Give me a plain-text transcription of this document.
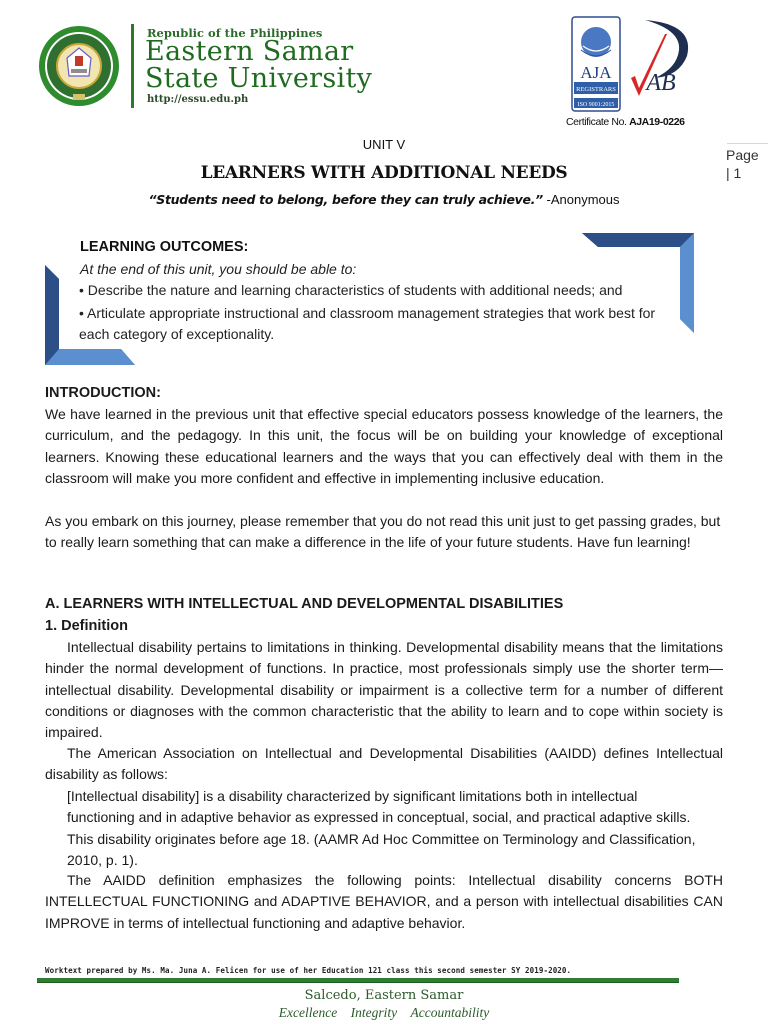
Republic of the Philippines
Eastern Samar
State University
http://essu.edu.ph
AJA
REGISTRARS
ISO 9001:2015
AB
Certificate No. AJA19-0226
Page
| 1
UNIT V
LEARNERS WITH ADDITIONAL NEEDS
“Students need to belong, before they can truly achieve.” -Anonymous
LEARNING OUTCOMES:
At the end of this unit, you should be able to:
• Describe the nature and learning characteristics of students with additional needs; and
• Articulate appropriate instructional and classroom management strategies that work best for each category of exceptionality.
INTRODUCTION:
We have learned in the previous unit that effective special educators possess knowledge of the learners, the curriculum, and the pedagogy. In this unit, the focus will be on building your knowledge of exceptional learners. Knowing these educational learners and the ways that you can effectively deal with them in the classroom will make you more confident and effective in implementing inclusive education.
As you embark on this journey, please remember that you do not read this unit just to get passing grades, but to really learn something that can make a difference in the life of your future students. Have fun learning!
A. LEARNERS WITH INTELLECTUAL AND DEVELOPMENTAL DISABILITIES
1. Definition
Intellectual disability pertains to limitations in thinking. Developmental disability means that the limitations hinder the normal development of functions. In practice, most professionals simply use the shorter term—intellectual disability. Developmental disability or impairment is a collective term for a number of different conditions or diagnoses with the common characteristic that the ability to learn and to cope within society is impaired.
The American Association on Intellectual and Developmental Disabilities (AAIDD) defines Intellectual disability as follows:
[Intellectual disability] is a disability characterized by significant limitations both in intellectual functioning and in adaptive behavior as expressed in conceptual, social, and practical adaptive skills. This disability originates before age 18. (AAMR Ad Hoc Committee on Terminology and Classification, 2010, p. 1).
The AAIDD definition emphasizes the following points: Intellectual disability concerns BOTH INTELLECTUAL FUNCTIONING and ADAPTIVE BEHAVIOR, and a person with intellectual disabilities CAN IMPROVE in terms of intellectual functioning and adaptive behavior.
Worktext prepared by Ms. Ma. Juna A. Felicen for use of her Education 121 class this second semester SY 2019-2020.
Salcedo, Eastern Samar
Excellence Integrity Accountability
